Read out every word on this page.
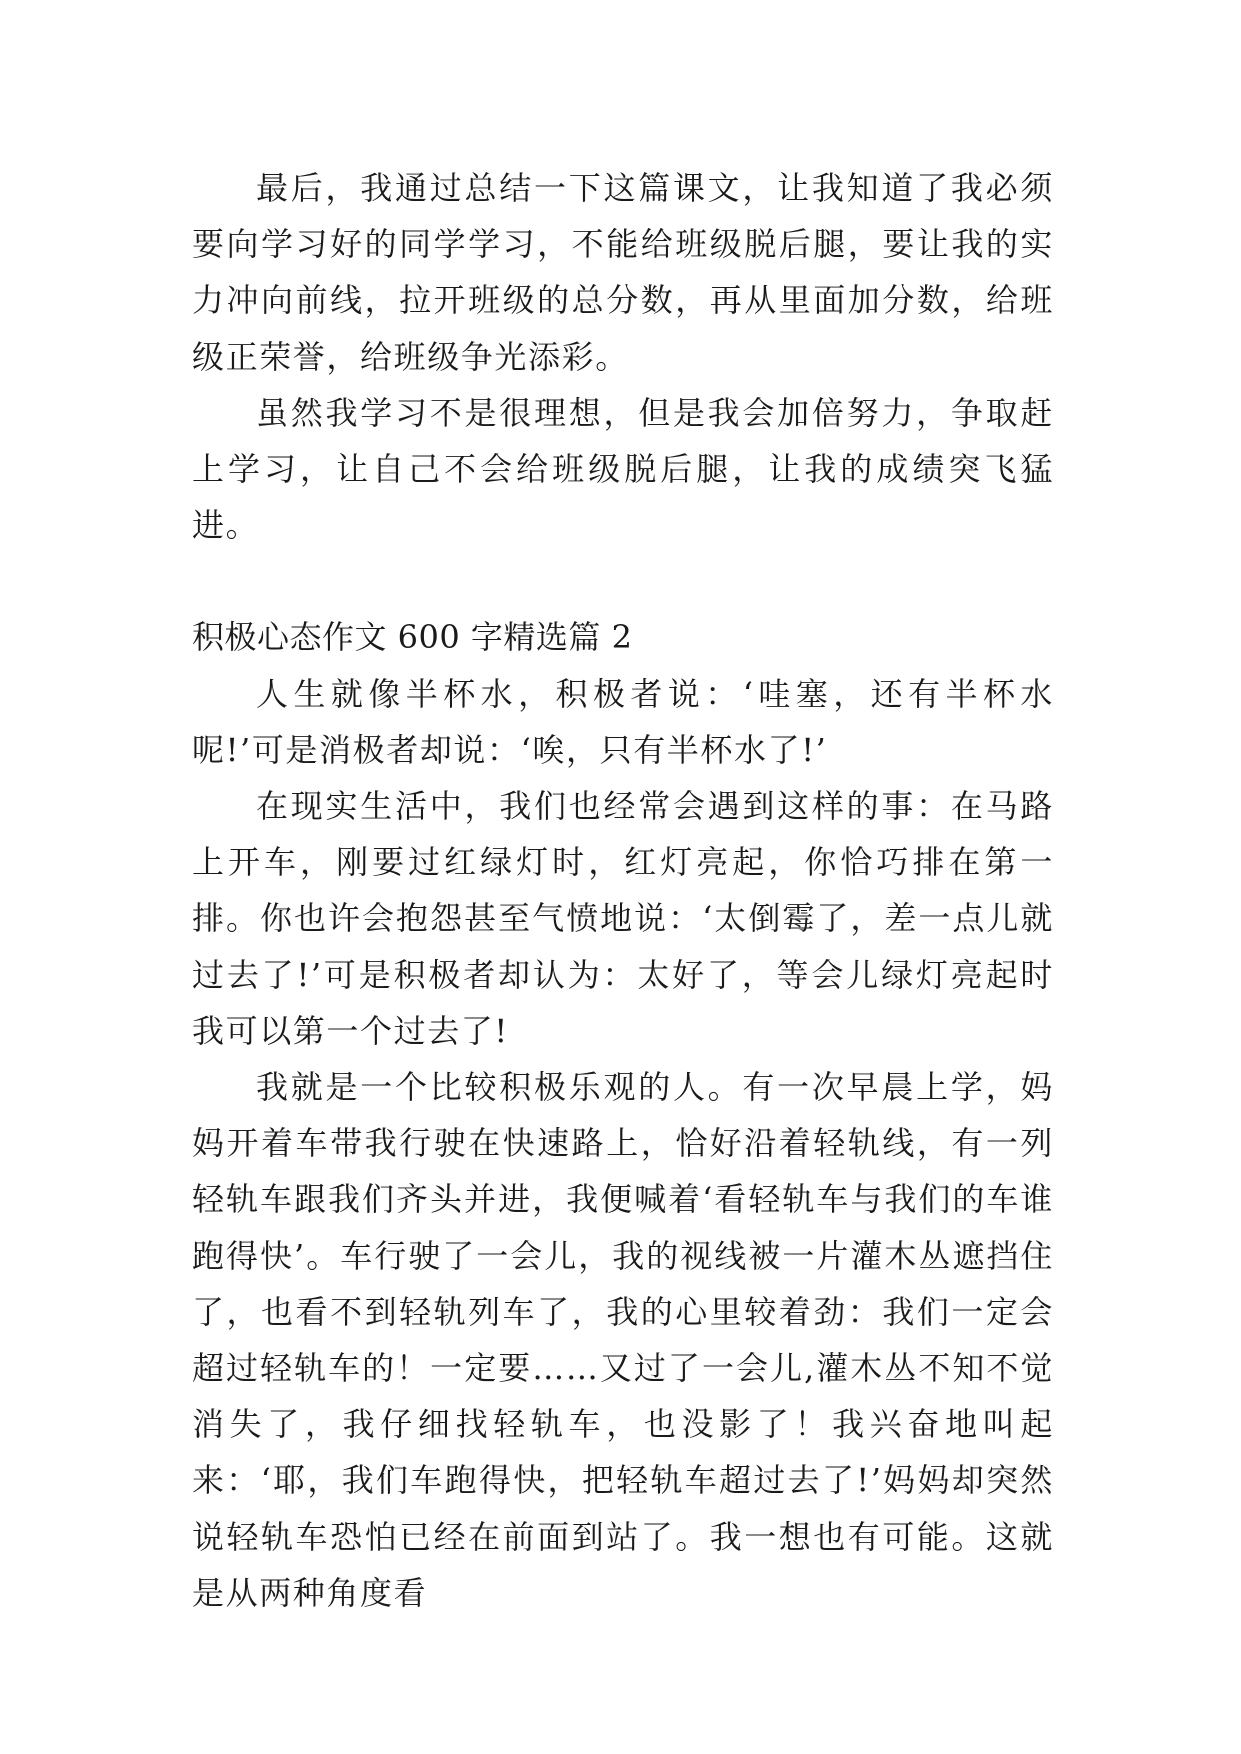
最后，我通过总结一下这篇课文，让我知道了我必须要向学习好的同学学习，不能给班级脱后腿，要让我的实力冲向前线，拉开班级的总分数，再从里面加分数，给班级正荣誉，给班级争光添彩。

虽然我学习不是很理想，但是我会加倍努力，争取赶上学习，让自己不会给班级脱后腿，让我的成绩突飞猛进。

积极心态作文 600 字精选篇 2

人生就像半杯水，积极者说：‘哇塞，还有半杯水呢!’可是消极者却说：‘唉，只有半杯水了!’

在现实生活中，我们也经常会遇到这样的事：在马路上开车，刚要过红绿灯时，红灯亮起，你恰巧排在第一排。你也许会抱怨甚至气愤地说：‘太倒霉了，差一点儿就过去了!’可是积极者却认为：太好了，等会儿绿灯亮起时我可以第一个过去了!

我就是一个比较积极乐观的人。有一次早晨上学，妈妈开着车带我行驶在快速路上，恰好沿着轻轨线，有一列轻轨车跟我们齐头并进，我便喊着‘看轻轨车与我们的车谁跑得快’。车行驶了一会儿，我的视线被一片灌木丛遮挡住了，也看不到轻轨列车了，我的心里较着劲：我们一定会超过轻轨车的！一定要……又过了一会儿,灌木丛不知不觉消失了，我仔细找轻轨车，也没影了！我兴奋地叫起来：‘耶，我们车跑得快，把轻轨车超过去了!’妈妈却突然说轻轨车恐怕已经在前面到站了。我一想也有可能。这就是从两种角度看
